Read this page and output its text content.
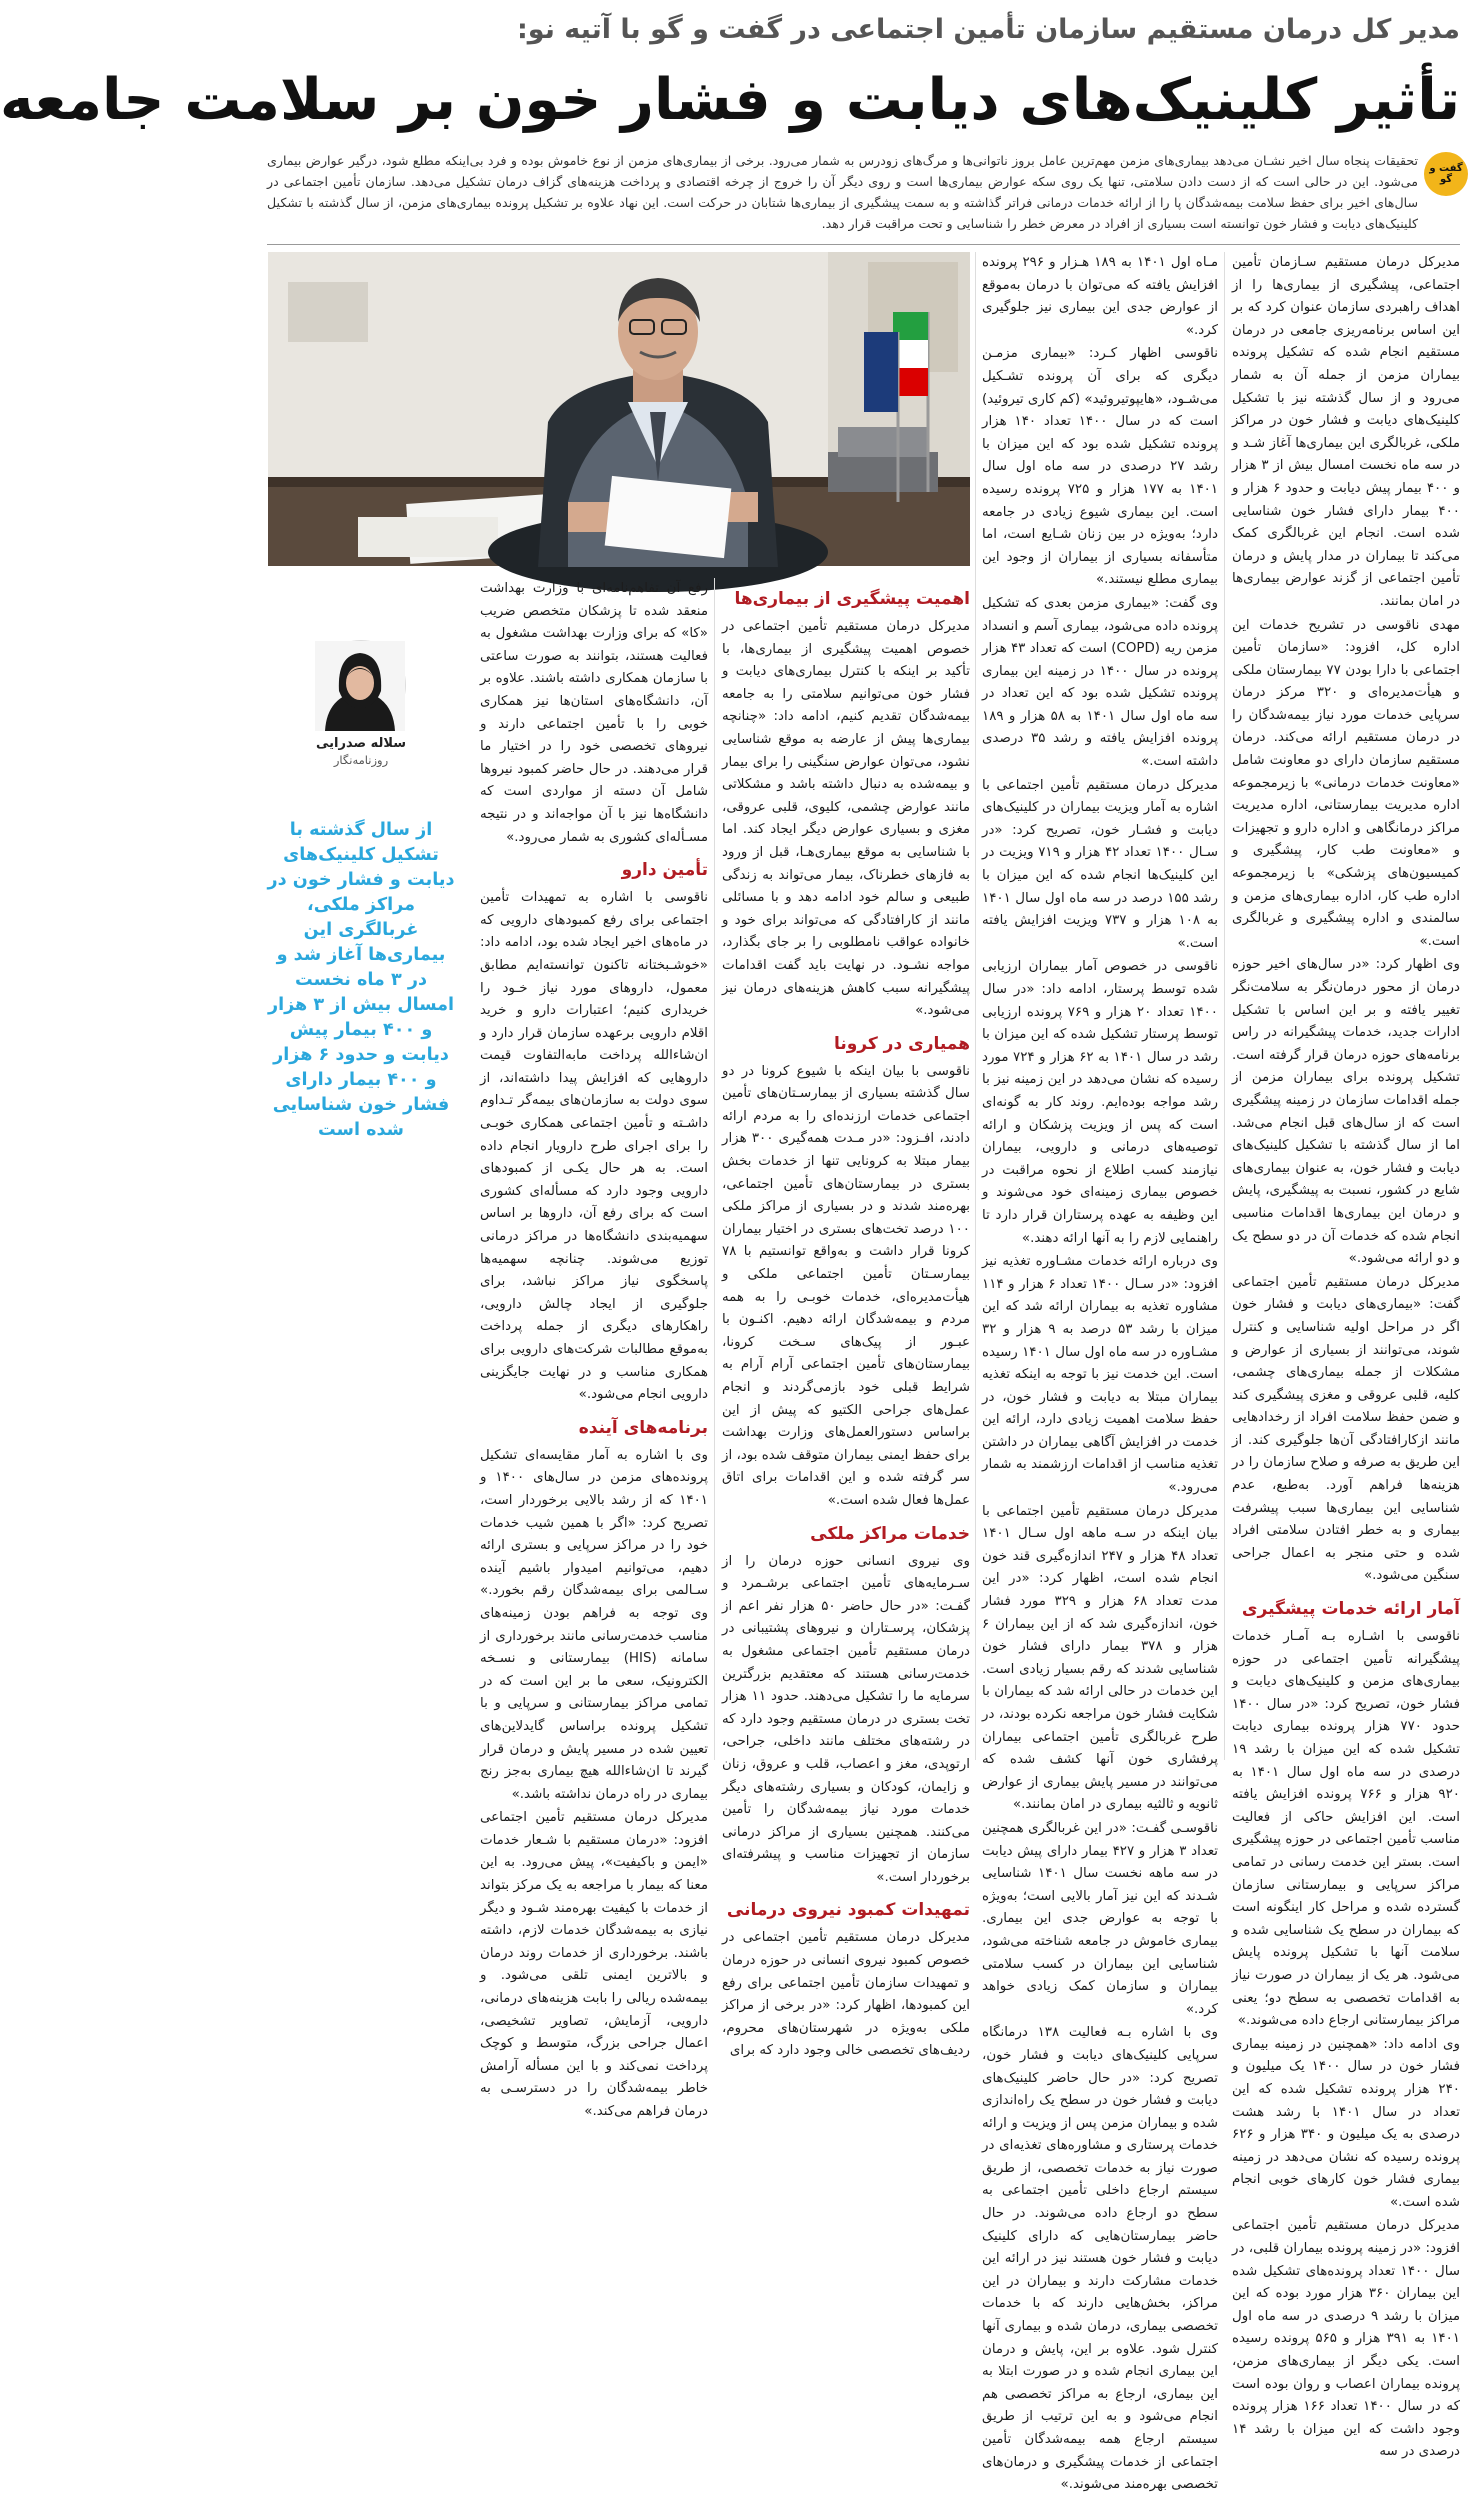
مدیر کل درمان مستقیم سازمان تأمین اجتماعی در گفت و گو با آتیه نو:
تأثیر کلینیک‌های دیابت و فشار خون بر سلامت جامعه
گفت و گو
تحقیقات پنجاه سال اخیر نشـان می‌دهد بیماری‌های مزمن مهم‌ترین عامل بروز ناتوانی‌ها و مرگ‌های زودرس به شمار می‌رود. برخی از بیماری‌های مزمن از نوع خاموش بوده و فرد بی‌اینکه مطلع شود، درگیر عوارض بیماری می‌شود. این در حالی است که از دست دادن سلامتی، تنها یک روی سکه عوارض بیماری‌ها است و روی دیگر آن را خروج از چرخه اقتصادی و پرداخت هزینه‌های گزاف درمان تشکیل می‌دهد. سازمان تأمین اجتماعی در سال‌های اخیر برای حفظ سلامت بیمه‌شدگان پا را از ارائه خدمات درمانی فراتر گذاشته و به سمت پیشگیری از بیماری‌ها شتابان در حرکت است. این نهاد علاوه بر تشکیل پرونده بیماری‌های مزمن، از سال گذشته با تشکیل کلینیک‌های دیابت و فشار خون توانسته است بسیاری از افراد در معرض خطر را شناسایی و تحت مراقبت قرار دهد.

مدیرکل درمان مستقیم سـازمان تأمین اجتماعی، پیشگیری از بیماری‌ها را از اهداف راهبردی سازمان عنوان کرد که بر این اساس برنامه‌ریزی جامعی در درمان مستقیم انجام شده که تشکیل پرونده بیماران مزمن از جمله آن به شمار می‌رود و از سال گذشته نیز با تشکیل کلینیک‌های دیابت و فشار خون در مراکز ملکی، غربالگری این بیماری‌ها آغاز شـد و در سه ماه نخست امسال بیش از ۳ هزار و ۴۰۰ بیمار پیش دیابت و حدود ۶ هزار و ۴۰۰ بیمار دارای فشار خون شناسایی شده است. انجام این غربالگری کمک می‌کند تا بیماران در مدار پایش و درمان تأمین اجتماعی از گزند عوارض بیماری‌ها در امان بمانند.

مهدی ناقوسی در تشریح خدمات این اداره کل، افزود: «سازمان تأمین اجتماعی با دارا بودن ۷۷ بیمارستان ملکی و هیأت‌مدیره‌ای و ۳۲۰ مرکز درمان سرپایی خدمات مورد نیاز بیمه‌شدگان را در درمان مستقیم ارائه می‌کند. درمان مستقیم سازمان دارای دو معاونت شامل «معاونت خدمات درمانی» با زیرمجموعه اداره مدیریت بیمارستانی، اداره مدیریت مراکز درمانگاهی و اداره دارو و تجهیزات و «معاونت طب کار، پیشگیری و کمیسیون‌های پزشکی» با زیرمجموعه اداره طب کار، اداره بیماری‌های مزمن و سالمندی و اداره پیشگیری و غربالگری است.»

وی اظهار کرد: «در سال‌های اخیر حوزه درمان از محور درمان‌نگر به سلامت‌نگر تغییر یافته و بر این اساس با تشکیل ادارات جدید، خدمات پیشگیرانه در راس برنامه‌های حوزه درمان قرار گرفته است. تشکیل پرونده برای بیماران مزمن از جمله اقدامات سازمان در زمینه پیشگیری است که از سال‌های قبل انجام می‌شد. اما از سال گذشته با تشکیل کلینیک‌های دیابت و فشار خون، به عنوان بیماری‌های شایع در کشور، نسبت به پیشگیری، پایش و درمان این بیماری‌ها اقدامات مناسبی انجام شده که خدمات آن در دو سطح یک و دو ارائه می‌شود.»

مدیرکل درمان مستقیم تأمین اجتماعی گفت: «بیماری‌های دیابت و فشار خون اگر در مراحل اولیه شناسایی و کنترل شوند، می‌توانند از بسیاری از عوارض و مشکلات از جمله بیماری‌های چشمی، کلیه، قلبی عروقی و مغزی پیشگیری کند و ضمن حفظ سلامت افراد از رخدادهایی مانند ازکارافتادگی آن‌ها جلوگیری کند. از این طریق به صرفه و صلاح سازمان را در هزینه‌ها فراهم آورد. به‌طبع، عدم شناسایی این بیماری‌ها سبب پیشرفت بیماری و به خطر افتادن سلامتی افراد شده و حتی منجر به اعمال جراحی سنگین می‌شود.»

آمار ارائه خدمات پیشگیری

ناقوسی با اشـاره بـه آمـار خدمات پیشگیرانه تأمین اجتماعی در حوزه بیماری‌های مزمن و کلینیک‌های دیابت و فشار خون، تصریح کرد: «در سال ۱۴۰۰ حدود ۷۷۰ هزار پرونده بیماری دیابت تشکیل شده که این میزان با رشد ۱۹ درصدی در سه ماه اول سال ۱۴۰۱ به ۹۲۰ هزار و ۷۶۶ پرونده افزایش یافته است. این افزایش حاکی از فعالیت مناسب تأمین اجتماعی در حوزه پیشگیری است. بستر این خدمت رسانی در تمامی مراکز سرپایی و بیمارستانی سازمان گسترده شده و مراحل کار اینگونه است که بیماران در سطح یک شناسایی شده و سلامت آنها با تشکیل پرونده پایش می‌شود. هر یک از بیماران در صورت نیاز به اقدامات تخصصی به سطح دو؛ یعنی مراکز بیمارستانی ارجاع داده می‌شوند.»

وی ادامه داد: «همچنین در زمینه بیماری فشار خون در سال ۱۴۰۰ یک میلیون و ۲۴۰ هزار پرونده تشکیل شده که این تعداد در سال ۱۴۰۱ با رشد هشت درصدی به یک میلیون و ۳۴۰ هزار و ۶۲۶ پرونده رسیده که نشان می‌دهد در زمینه بیماری فشار خون کارهای خوبی انجام شده است.»

مدیرکل درمان مستقیم تأمین اجتماعی افزود: «در زمینه پرونده بیماران قلبی، در سال ۱۴۰۰ تعداد پرونده‌های تشکیل شده این بیماران ۳۶۰ هزار مورد بوده که این میزان با رشد ۹ درصدی در سه ماه اول ۱۴۰۱ به ۳۹۱ هزار و ۵۶۵ پرونده رسیده است. یکی دیگر از بیماری‌های مزمن، پرونده بیماران اعصاب و روان بوده است که در سال ۱۴۰۰ تعداد ۱۶۶ هزار پرونده وجود داشت که این میزان با رشد ۱۴ درصدی در سه

مـاه اول ۱۴۰۱ به ۱۸۹ هـزار و ۲۹۶ پرونده افزایش یافته که می‌توان با درمان به‌موقع از عوارض جدی این بیماری نیز جلوگیری کرد.»

ناقوسی اظهار کـرد: «بیماری مزمـن دیگری که برای آن پرونده تشـکیل می‌شـود، «هایپوتیروئید» (کم کاری تیروئید) است که در سال ۱۴۰۰ تعداد ۱۴۰ هزار پرونده تشکیل شده بود که این میزان با رشد ۲۷ درصدی در سه ماه اول سال ۱۴۰۱ به ۱۷۷ هزار و ۷۲۵ پرونده رسیده است. این بیماری شیوع زیادی در جامعه دارد؛ به‌ویژه در بین زنان شـایع است، اما متأسفانه بسیاری از بیماران از وجود این بیماری مطلع نیستند.»

وی گفت: «بیماری مزمن بعدی که تشکیل پرونده داده می‌شود، بیماری آسم و انسداد مزمن ریه (COPD) است که تعداد ۴۳ هزار پرونده در سال ۱۴۰۰ در زمینه این بیماری پرونده تشکیل شده بود که این تعداد در سه ماه اول سال ۱۴۰۱ به ۵۸ هزار و ۱۸۹ پرونده افزایش یافته و رشد ۳۵ درصدی داشته است.»

مدیرکل درمان مستقیم تأمین اجتماعی با اشاره به آمار ویزیت بیماران در کلینیک‌های دیابت و فشـار خون، تصریح کرد: «در سـال ۱۴۰۰ تعداد ۴۲ هزار و ۷۱۹ ویزیت در این کلینیک‌ها انجام شده که این میزان با رشد ۱۵۵ درصد در سه ماه اول سال ۱۴۰۱ به ۱۰۸ هزار و ۷۳۷ ویزیت افزایش یافته است.»

ناقوسی در خصوص آمار بیماران ارزیابی شده توسط پرستار، ادامه داد: «در سال ۱۴۰۰ تعداد ۲۰ هزار و ۷۶۹ پرونده ارزیابی توسط پرستار تشکیل شده که این میزان با رشد در سال ۱۴۰۱ به ۶۲ هزار و ۷۲۴ مورد رسیده که نشان می‌دهد در این زمینه نیز با رشد مواجه بوده‌ایم. روند کار به گونه‌ای است که پس از ویزیت پزشکان و ارائه توصیه‌های درمانی و دارویی، بیماران نیازمند کسب اطلاع از نحوه مراقبت در خصوص بیماری زمینه‌ای خود می‌شوند و این وظیفه به عهده پرستاران قرار دارد تا راهنمایی لازم را به آنها ارائه دهند.»

وی درباره ارائه خدمات مشـاوره تغذیه نیز افزود: «در سـال ۱۴۰۰ تعداد ۶ هزار و ۱۱۴ مشاوره تغذیه به بیماران ارائه شد که این میزان با رشد ۵۳ درصد به ۹ هزار و ۳۲ مشـاوره در سه ماه اول سال ۱۴۰۱ رسیده است. این خدمت نیز با توجه به اینکه تغذیه بیماران مبتلا به دیابت و فشار خون، در حفظ سلامت اهمیت زیادی دارد، ارائه این خدمت در افزایش آگاهی بیماران در داشتن تغذیه مناسب از اقدامات ارزشمند به شمار می‌رود.»

مدیرکل درمان مستقیم تأمین اجتماعی با بیان اینکه در سـه ماهه اول سـال ۱۴۰۱ تعداد ۴۸ هزار و ۲۴۷ اندازه‌گیری قند خون انجام شده است، اظهار کرد: «در این مدت تعداد ۶۸ هزار و ۳۲۹ مورد فشار خون، اندازه‌گیری شد که از این بیماران ۶ هزار و ۳۷۸ بیمار دارای فشار خون شناسایی شدند که رقم بسیار زیادی است. این خدمات در حالی ارائه شد که بیماران با شکایت فشار خون مراجعه نکرده بودند، در طرح غربالگری تأمین اجتماعی بیماران پرفشاری خون آنها کشف شده که می‌توانند در مسیر پایش بیماری از عوارض ثانویه و ثالثیه بیماری در امان بمانند.»

ناقوسـی گفـت: «در این غربالگری همچنین تعداد ۳ هزار و ۴۲۷ بیمار دارای پیش دیابت در سه ماهه نخست سال ۱۴۰۱ شناسایی شـدند که این نیز آمار بالایی است؛ به‌ویژه با توجه به عوارض جدی این بیماری. بیماری خاموش در جامعه شناخته می‌شود، شناسایی این بیماران در کسب سلامتی بیماران و سازمان کمک زیادی خواهد کرد.»

وی با اشاره بـه فعالیت ۱۳۸ درمانگاه سرپایی کلینیک‌های دیابت و فشار خون، تصریح کرد: «در حال حاضر کلینیک‌های دیابت و فشار خون در سطح یک راه‌اندازی شده و بیماران مزمن پس از ویزیت و ارائه خدمات پرستاری و مشاوره‌های تغذیه‌ای در صورت نیاز به خدمات تخصصی، از طریق سیستم ارجاع داخلی تأمین اجتماعی به سطح دو ارجاع داده می‌شوند. در حال حاضر بیمارستان‌هایی که دارای کلینیک دیابت و فشار خون هستند نیز در ارائه این خدمات مشارکت دارند و بیماران در این مراکز، بخش‌هایی دارند که با خدمات تخصصی بیماری، درمان شده و بیماری آنها کنترل شود. علاوه بر این، پایش و درمان این بیماری انجام شده و در صورت ابتلا به این بیماری، ارجاع به مراکز تخصصی هم انجام می‌شود و به این ترتیب از طریق سیستم ارجاع همه بیمه‌شدگان تأمین اجتماعی از خدمات پیشگیری و درمان‌های تخصصی بهره‌مند می‌شوند.»

اهمیت پیشگیری از بیماری‌ها

مدیرکل درمان مستقیم تأمین اجتماعی در خصوص اهمیت پیشگیری از بیماری‌ها، با تأکید بر اینکه با کنترل بیماری‌های دیابت و فشار خون می‌توانیم سلامتی را به جامعه بیمه‌شدگان تقدیم کنیم، ادامه داد: «چنانچه بیماری‌ها پیش از عارضه به موقع شناسایی نشود، می‌توان عوارض سنگینی را برای بیمار و بیمه‌شده به دنبال داشته باشد و مشکلاتی مانند عوارض چشمی، کلیوی، قلبی عروقی، مغزی و بسیاری عوارض دیگر ایجاد کند. اما با شناسایی به موقع بیماری‌هـا، قبل از ورود به فازهای خطرناک، بیمار می‌تواند به زندگی طبیعی و سالم خود ادامه دهد و با مسائلی مانند از کارافتادگی که می‌تواند برای خود و خانواده عواقب نامطلوبی را بر جای بگذارد، مواجه نشـود. در نهایت باید گفت اقدامات پیشگیرانه سبب کاهش هزینه‌های درمان نیز می‌شود.»

همیاری در کرونا

ناقوسی با بیان اینکه با شیوع کرونا در دو سال گذشته بسیاری از بیمارسـتان‌های تأمین اجتماعی خدمات ارزنده‌ای را به مردم ارائه دادند، افـزود: «در مـدت همه‌گیری ۳۰۰ هزار بیمار مبتلا به کرونایی تنها از خدمات بخش بستری در بیمارستان‌های تأمین اجتماعی، بهره‌مند شدند و در بسیاری از مراکز ملکی ۱۰۰ درصد تخت‌های بستری در اختیار بیماران کرونا قرار داشت و به‌واقع توانستیم با ۷۸ بیمارسـتان تأمین اجتماعی ملکی و هیأت‌مدیره‌ای، خدمات خوبـی را به همه مردم و بیمه‌شدگان ارائه دهیم. اکنـون با عبـور از پیک‌های سـخت کرونا، بیمارستان‌های تأمین اجتماعی آرام آرام به شرایط قبلی خود بازمی‌گردند و انجام عمل‌های جراحی الکتیو که پیش از این براساس دستورالعمل‌های وزارت بهداشت برای حفظ ایمنی بیماران متوقف شده بود، از سر گرفته شده و این اقدامات برای اتاق عمل‌ها فعال شده است.»

خدمات مراکز ملکی

وی نیروی انسانی حوزه درمان را از سـرمایه‌های تأمین اجتماعی برشـمرد و گفـت: «در حال حاضر ۵۰ هزار نفر اعم از پزشکان، پرسـتاران و نیروهای پشتیبانی در درمان مستقیم تأمین اجتماعی مشغول به خدمت‌رسانی هستند که معتقدیم بزرگترین سرمایه ما را تشکیل می‌دهند. حدود ۱۱ هزار تخت بستری در درمان مستقیم وجود دارد که در رشته‌های مختلف مانند داخلی، جراحی، ارتوپدی، مغز و اعصاب، قلب و عروق، زنان و زایمان، کودکان و بسیاری رشته‌های دیگر خدمات مورد نیاز بیمه‌شدگان را تأمین می‌کنند. همچنین بسیاری از مراکز درمانی سازمان از تجهیزات مناسب و پیشرفته‌ای برخوردار است.»

تمهیدات کمبود نیروی درمانی

مدیرکل درمان مستقیم تأمین اجتماعی در خصوص کمبود نیروی انسانی در حوزه درمان و تمهیدات سازمان تأمین اجتماعی برای رفع این کمبودها، اظهار کرد: «در برخی از مراکز ملکی به‌ویژه در شهرستان‌های محروم، ردیف‌های تخصصی خالی وجود دارد که برای

رفع آن تفاهم‌نامه‌ای با وزارت بهداشت منعقد شده تا پزشکان متخصص ضریب «کا» که برای وزارت بهداشت مشغول به فعالیت هستند، بتوانند به صورت ساعتی با سازمان همکاری داشته باشند. علاوه بر آن، دانشگاه‌های استان‌ها نیز همکاری خوبی را با تأمین اجتماعی دارند و نیروهای تخصصی خود را در اختیار ما قرار می‌دهند. در حال حاضر کمبود نیروها شامل آن دسته از مواردی است که دانشگاه‌ها نیز با آن مواجه‌اند و در نتیجه مسـأله‌ای کشوری به شمار می‌رود.»

تأمین دارو

ناقوسی با اشاره به تمهیدات تأمین اجتماعی برای رفع کمبودهای دارویی که در ماه‌های اخیر ایجاد شده بود، ادامه داد: «خوشـبختانه تاکنون توانسته‌ایم مطابق معمول، داروهای مورد نیاز خـود را خریداری کنیم؛ اعتبارات دارو و خرید اقلام دارویی برعهده سازمان قرار دارد و ان‌شاءالله پرداخت مابه‌التفاوت قیمت داروهایی که افزایش پیدا داشته‌اند، از سوی دولت به سازمان‌های بیمه‌گر تـداوم داشـته و تأمین اجتماعی همکاری خوبـی را برای اجرای طرح دارویار انجام داده است. به هر حال یکـی از کمبودهای دارویی وجود دارد که مسأله‌ای کشوری است که برای رفع آن، داروها بر اساس سهمیه‌بندی دانشگاه‌ها در مراکز درمانی توزیع می‌شوند. چنانچه سهمیه‌ها پاسخگوی نیاز مراکز نباشد، برای جلوگیری از ایجاد چالش دارویی، راهکارهای دیگری از جمله پرداخت به‌موقع مطالبات شرکت‌های دارویی برای همکاری مناسب و در نهایت جایگزینی دارویی انجام می‌شود.»

برنامه‌های آینده

وی با اشاره به آمار مقایسه‌ای تشکیل پرونده‌های مزمن در سال‌های ۱۴۰۰ و ۱۴۰۱ که از رشد بالایی برخوردار است، تصریح کرد: «اگر با همین شیب خدمات خود را در مراکز سرپایی و بستری ارائه دهیم، می‌توانیم امیدوار باشیم آینده سـالمی برای بیمه‌شدگان رقم بخورد.» وی توجه به فراهم بودن زمینه‌های مناسب خدمت‌رسانی مانند برخورداری از سامانه (HIS) بیمارستانی و نسـخه الکترونیک، سعی ما بر این است که در تمامی مراکز بیمارستانی و سرپایی و با تشکیل پرونده براساس گایدلاین‌های تعیین شده در مسیر پایش و درمان قرار گیرند تا ان‌شاءالله هیچ بیماری به‌جز رنج بیماری در راه درمان نداشته باشد.»

مدیرکل درمان مستقیم تأمین اجتماعی افزود: «درمان مستقیم با شـعار خدمات «ایمن و باکیفیت»، پیش می‌رود. به این معنا که بیمار با مراجعه به یک مرکز بتواند از خدمات با کیفیت بهره‌مند شـود و دیگر نیازی به بیمه‌شدگان خدمات لازم، داشته باشند. برخورداری از خدمات روند درمان و بالاترین ایمنی تلقی می‌شود. و بیمه‌شده ریالی را بابت هزینه‌های درمانی، دارویی، آزمایش، تصاویر تشخیصی، اعمال جراحی بزرگ، متوسط و کوچک پرداخت نمی‌کند و با این مسأله آرامش خاطر بیمه‌شدگان را در دسترسـی به درمان فراهم می‌کند.»

سلاله صدرایی
روزنامه‌نگار
از سال گذشته با تشکیل کلینیک‌های دیابت و فشار خون در مراکز ملکی، غربالگری این بیماری‌ها آغاز شد و در ۳ ماه نخست امسال بیش از ۳ هزار و ۴۰۰ بیمار پیش دیابت و حدود ۶ هزار و ۴۰۰ بیمار دارای فشار خون شناسایی شده است
